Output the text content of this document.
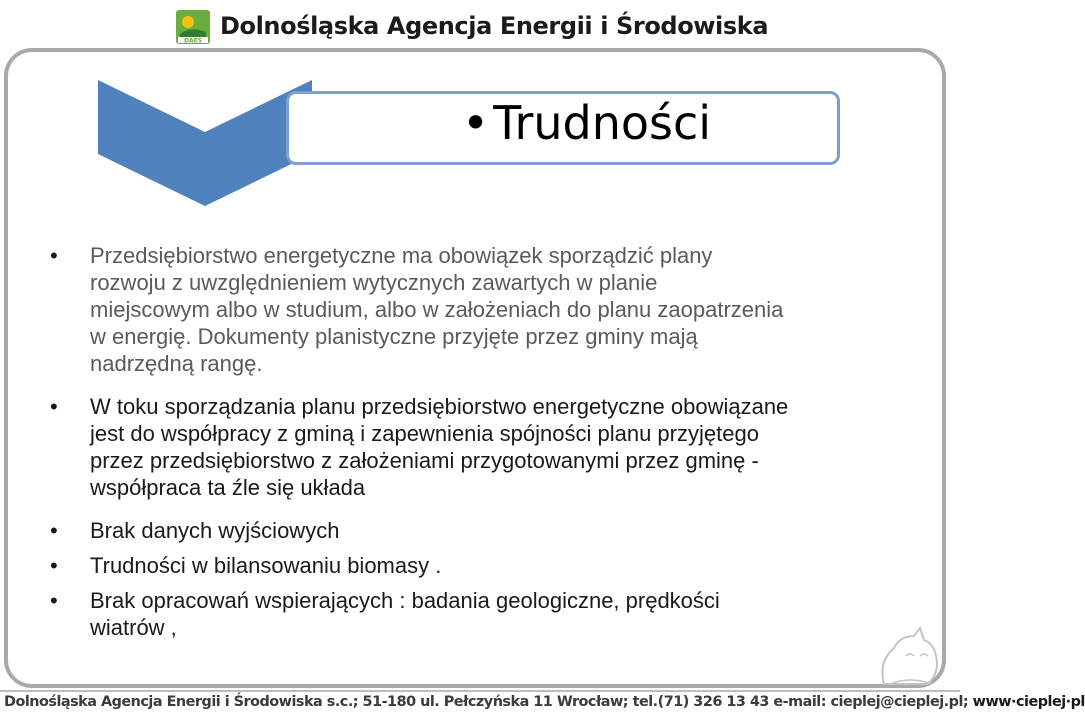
DAEŚ
Dolnośląska Agencja Energii i Środowiska
•Trudności
• Przedsiębiorstwo energetyczne ma obowiązek sporządzić plany
rozwoju z uwzględnieniem wytycznych zawartych w planie
miejscowym albo w studium, albo w założeniach do planu zaopatrzenia
w energię. Dokumenty planistyczne przyjęte przez gminy mają
nadrzędną rangę.
• W toku sporządzania planu przedsiębiorstwo energetyczne obowiązane
jest do współpracy z gminą i zapewnienia spójności planu przyjętego
przez przedsiębiorstwo z założeniami przygotowanymi przez gminę -
współpraca ta źle się układa
• Brak danych wyjściowych
• Trudności w bilansowaniu biomasy .
• Brak opracowań wspierających : badania geologiczne, prędkości
wiatrów ,
Dolnośląska Agencja Energii i Środowiska s.c.; 51-180 ul. Pełczyńska 11 Wrocław; tel.(71) 326 13 43 e-mail: cieplej@cieplej.pl; www·cieplej·pl
